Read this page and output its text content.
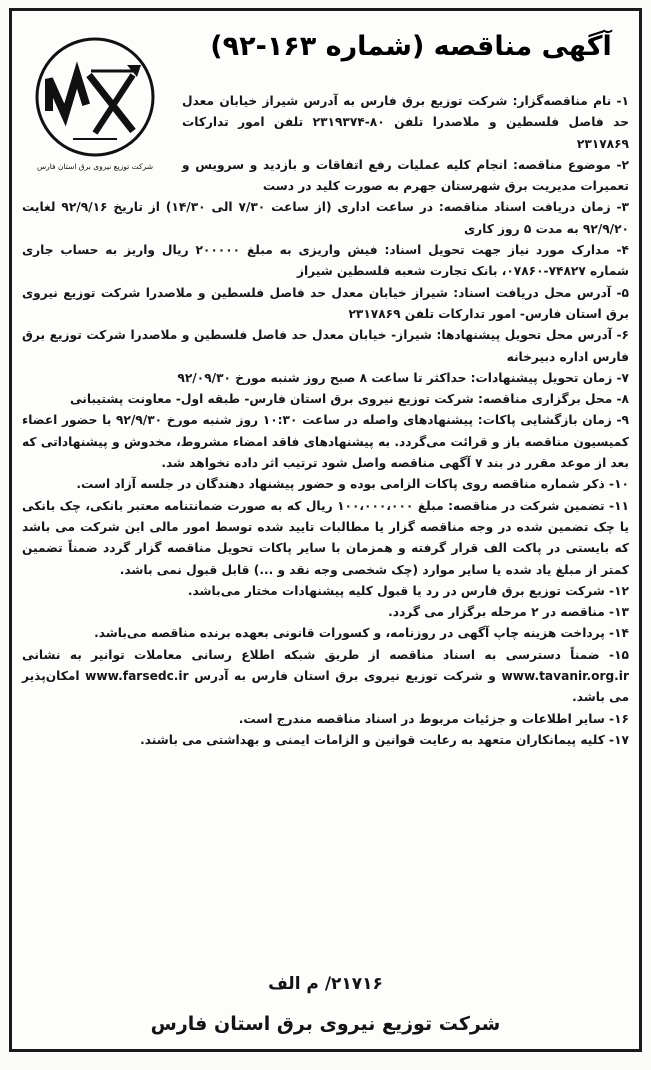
آگهی مناقصه (شماره ۱۶۳-۹۲)
شرکت توزیع نیروی برق استان فارس

۱- نام مناقصه‌گزار: شرکت توزیع برق فارس به آدرس شیراز خیابان معدل حد فاصل فلسطین و ملاصدرا تلفن ۸۰-۲۳۱۹۳۷۴ تلفن امور تدارکات ۲۳۱۷۸۶۹

۲- موضوع مناقصه: انجام کلیه عملیات رفع اتفاقات و بازدید و سرویس و تعمیرات مدیریت برق شهرستان جهرم به صورت کلید در دست

۳- زمان دریافت اسناد مناقصه: در ساعت اداری (از ساعت ۷/۳۰ الی ۱۴/۳۰) از تاریخ ۹۲/۹/۱۶ لغایت ۹۲/۹/۲۰ به مدت ۵ روز کاری

۴- مدارک مورد نیاز جهت تحویل اسناد: فیش واریزی به مبلغ ۲۰۰۰۰۰ ریال واریز به حساب جاری شماره ۷۴۸۲۷-۰۷۸۶۰، بانک تجارت شعبه فلسطین شیراز

۵- آدرس محل دریافت اسناد: شیراز خیابان معدل حد فاصل فلسطین و ملاصدرا شرکت توزیع نیروی برق استان فارس- امور تدارکات تلفن ۲۳۱۷۸۶۹

۶- آدرس محل تحویل پیشنهادها: شیراز- خیابان معدل حد فاصل فلسطین و ملاصدرا شرکت توزیع برق فارس اداره دبیرخانه

۷- زمان تحویل پیشنهادات: حداکثر تا ساعت ۸ صبح روز شنبه مورخ ۹۲/۰۹/۳۰

۸- محل برگزاری مناقصه: شرکت توزیع نیروی برق استان فارس- طبقه اول- معاونت پشتیبانی

۹- زمان بازگشایی پاکات: پیشنهادهای واصله در ساعت ۱۰:۳۰ روز شنبه مورخ ۹۲/۹/۳۰ با حضور اعضاء کمیسیون مناقصه باز و قرائت می‌گردد. به پیشنهادهای فاقد امضاء مشروط، مخدوش و پیشنهاداتی که بعد از موعد مقرر در بند ۷ آگهی مناقصه واصل شود ترتیب اثر داده نخواهد شد.

۱۰- ذکر شماره مناقصه روی پاکات الزامی بوده و حضور پیشنهاد دهندگان در جلسه آزاد است.

۱۱- تضمین شرکت در مناقصه: مبلغ ۱۰۰،۰۰۰،۰۰۰ ریال که به صورت ضمانتنامه معتبر بانکی، چک بانکی یا چک تضمین شده در وجه مناقصه گزار یا مطالبات تایید شده توسط امور مالی این شرکت می باشد که بایستی در پاکت الف قرار گرفته و همزمان با سایر پاکات تحویل مناقصه گزار گردد ضمناً تضمین کمتر از مبلغ یاد شده یا سایر موارد (چک شخصی وجه نقد و ...) قابل قبول نمی باشد.

۱۲- شرکت توزیع برق فارس در رد یا قبول کلیه پیشنهادات مختار می‌باشد.

۱۳- مناقصه در ۲ مرحله برگزار می گردد.

۱۴- پرداخت هزینه چاپ آگهی در روزنامه، و کسورات قانونی بعهده برنده مناقصه می‌باشد.

۱۵- ضمناً دسترسی به اسناد مناقصه از طریق شبکه اطلاع رسانی معاملات توانیر به نشانی www.tavanir.org.ir و شرکت توزیع نیروی برق استان فارس به آدرس www.farsedc.ir امکان‌پذیر می باشد.

۱۶- سایر اطلاعات و جزئیات مربوط در اسناد مناقصه مندرج است.

۱۷- کلیه پیمانکاران متعهد به رعایت قوانین و الزامات ایمنی و بهداشتی می باشند.

۲۱۷۱۶/ م الف
شرکت توزیع نیروی برق استان فارس
